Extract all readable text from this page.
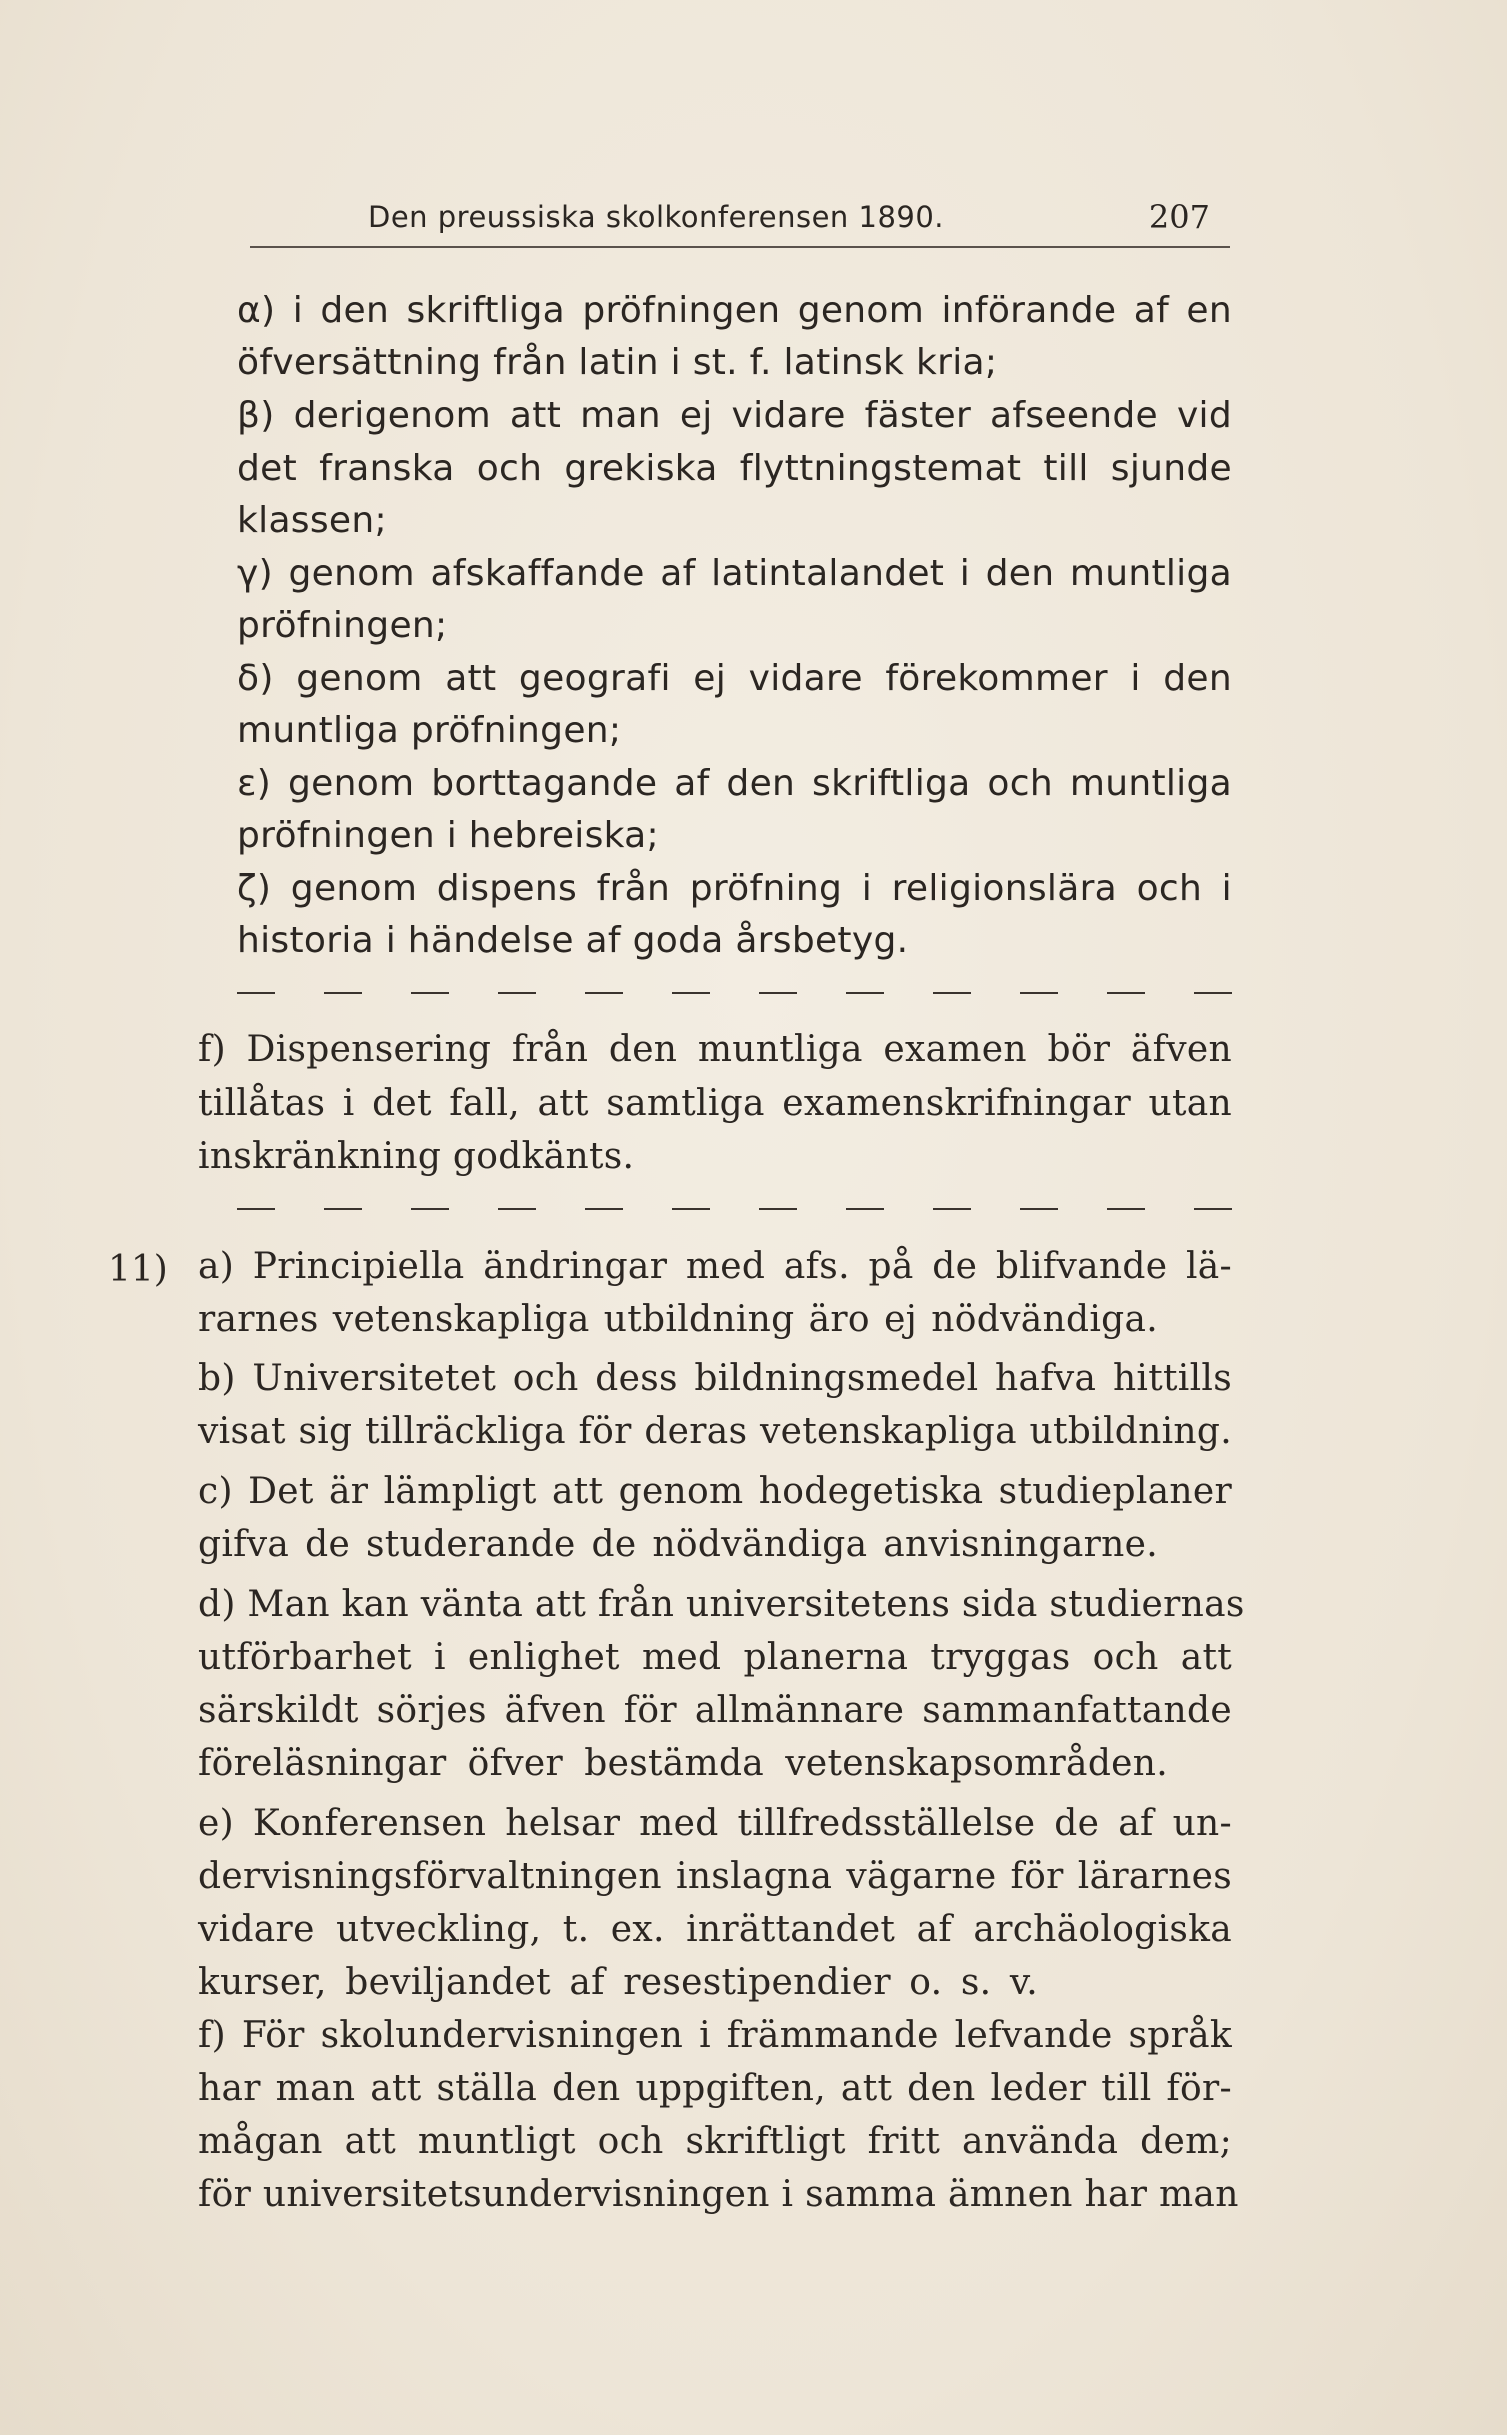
Den preussiska skolkonferensen 1890.	207
α) i den skriftliga pröfningen genom införande af en
öfversättning från latin i st. f. latinsk kria;
β) derigenom att man ej vidare fäster afseende vid
det franska och grekiska flyttningstemat till sjunde
klassen;
γ) genom afskaffande af latintalandet i den muntliga
pröfningen;
δ) genom att geografi ej vidare förekommer i den
muntliga pröfningen;
ε) genom borttagande af den skriftliga och muntliga
pröfningen i hebreiska;
ζ) genom dispens från pröfning i religionslära och i
historia i händelse af goda årsbetyg.
f) Dispensering från den muntliga examen bör äfven
tillåtas i det fall, att samtliga examenskrifningar utan
inskränkning godkänts.
11) a) Principiella ändringar med afs. på de blifvande lä-
rarnes vetenskapliga utbildning äro ej nödvändiga.
b) Universitetet och dess bildningsmedel hafva hittills
visat sig tillräckliga för deras vetenskapliga utbildning.
c) Det är lämpligt att genom hodegetiska studieplaner
gifva de studerande de nödvändiga anvisningarne.
d) Man kan vänta att från universitetens sida studiernas
utförbarhet i enlighet med planerna tryggas och att
särskildt sörjes äfven för allmännare sammanfattande
föreläsningar öfver bestämda vetenskapsområden.
e) Konferensen helsar med tillfredsställelse de af un-
dervisningsförvaltningen inslagna vägarne för lärarnes
vidare utveckling, t. ex. inrättandet af archäologiska
kurser, beviljandet af resestipendier o. s. v.
f) För skolundervisningen i främmande lefvande språk
har man att ställa den uppgiften, att den leder till för-
mågan att muntligt och skriftligt fritt använda dem;
för universitetsundervisningen i samma ämnen har man
